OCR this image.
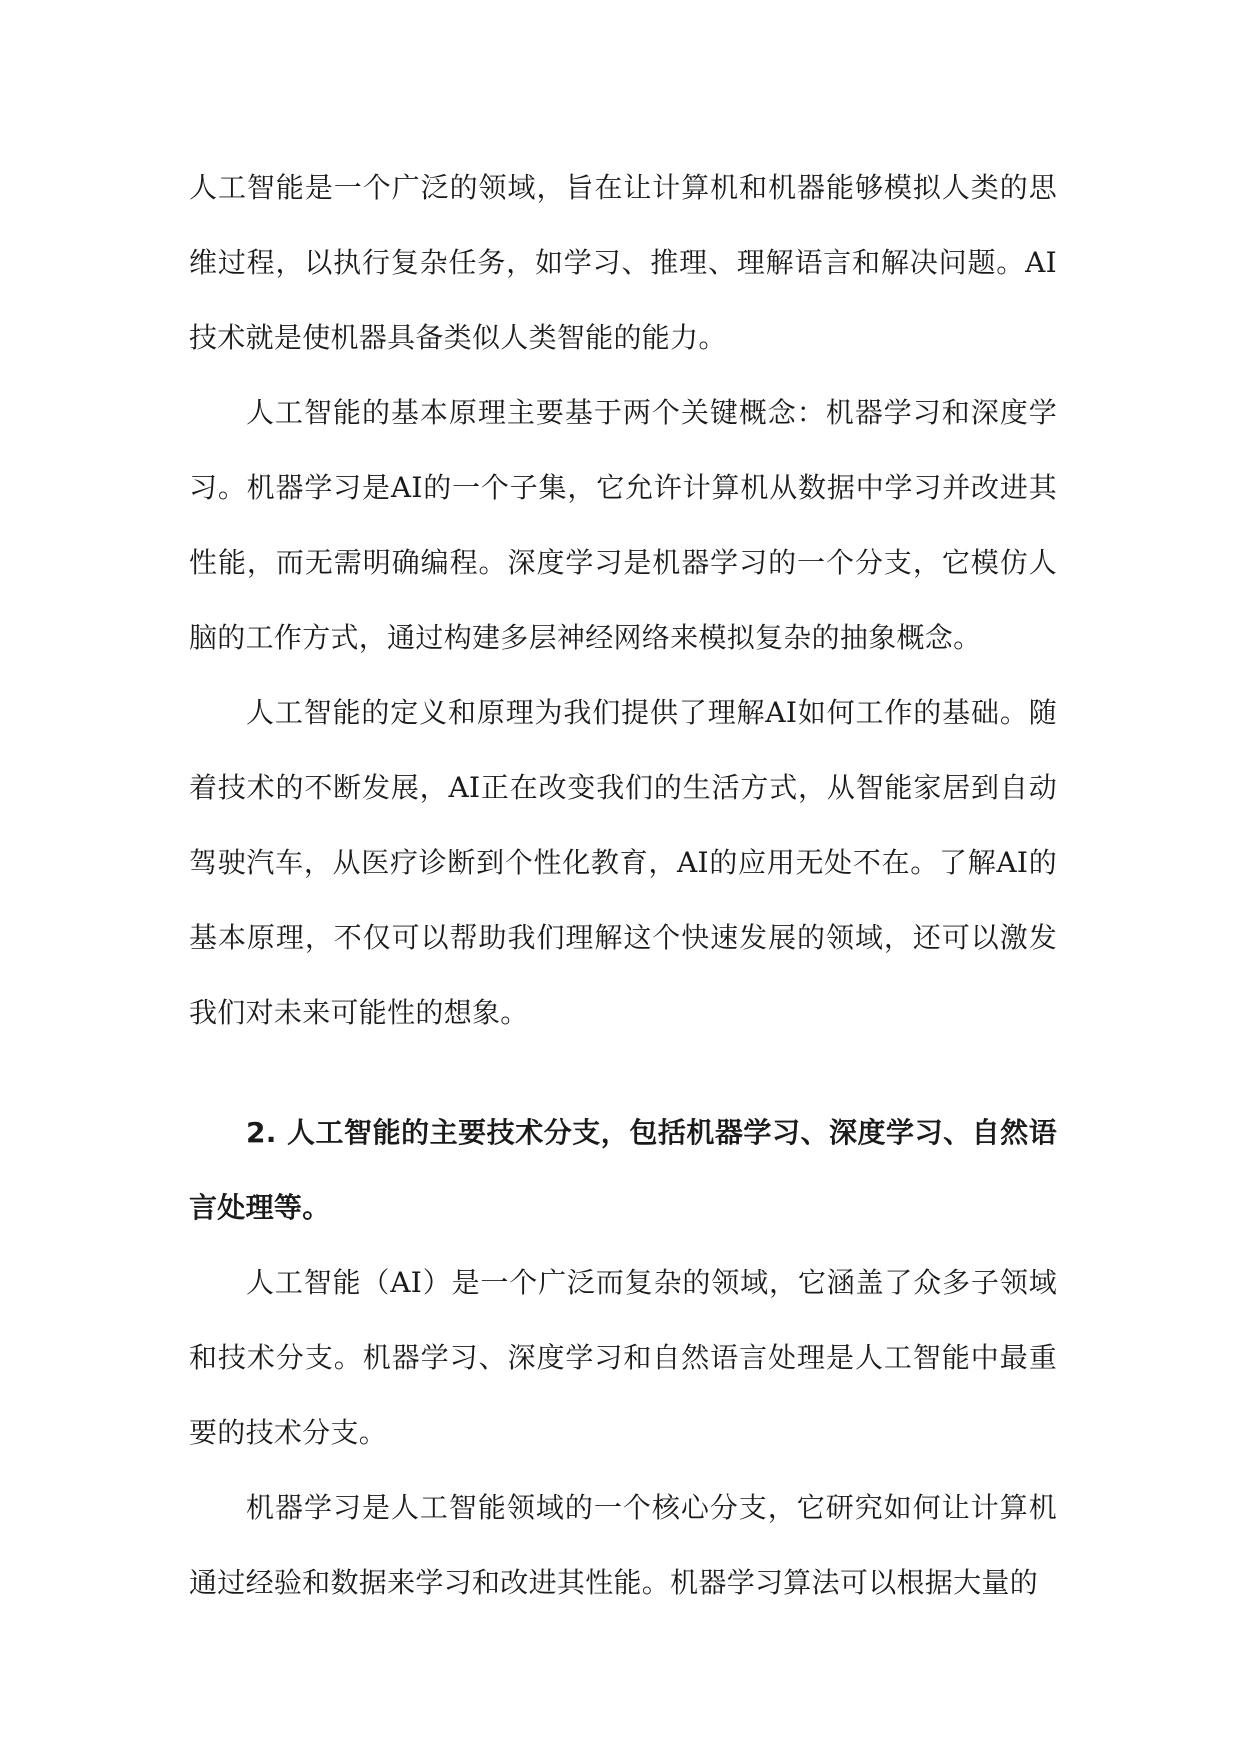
人工智能是一个广泛的领域，旨在让计算机和机器能够模拟人类的思维过程，以执行复杂任务，如学习、推理、理解语言和解决问题。AI技术就是使机器具备类似人类智能的能力。

人工智能的基本原理主要基于两个关键概念：机器学习和深度学习。机器学习是AI的一个子集，它允许计算机从数据中学习并改进其性能，而无需明确编程。深度学习是机器学习的一个分支，它模仿人脑的工作方式，通过构建多层神经网络来模拟复杂的抽象概念。

人工智能的定义和原理为我们提供了理解AI如何工作的基础。随着技术的不断发展，AI正在改变我们的生活方式，从智能家居到自动驾驶汽车，从医疗诊断到个性化教育，AI的应用无处不在。了解AI的基本原理，不仅可以帮助我们理解这个快速发展的领域，还可以激发我们对未来可能性的想象。

2. 人工智能的主要技术分支，包括机器学习、深度学习、自然语言处理等。

人工智能（AI）是一个广泛而复杂的领域，它涵盖了众多子领域和技术分支。机器学习、深度学习和自然语言处理是人工智能中最重要的技术分支。

机器学习是人工智能领域的一个核心分支，它研究如何让计算机通过经验和数据来学习和改进其性能。机器学习算法可以根据大量的
